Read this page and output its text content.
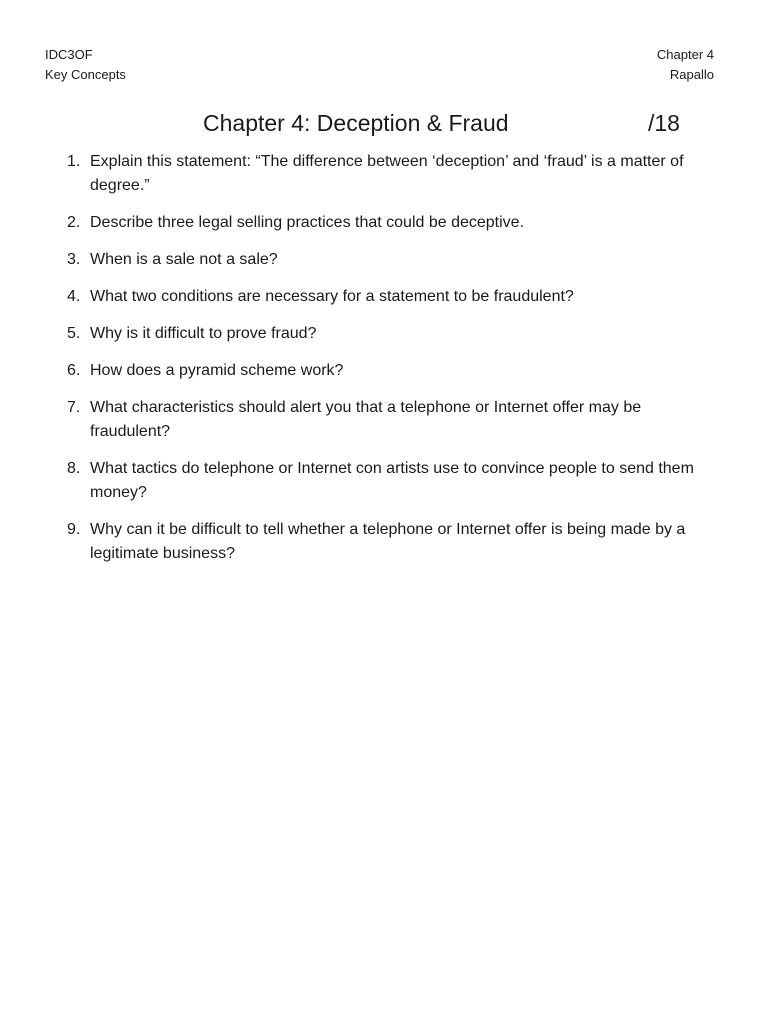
IDC3OF
Key Concepts
Chapter 4
Rapallo
Chapter 4: Deception & Fraud	/18
1. Explain this statement: “The difference between ‘deception’ and ‘fraud’ is a matter of degree.”
2. Describe three legal selling practices that could be deceptive.
3. When is a sale not a sale?
4. What two conditions are necessary for a statement to be fraudulent?
5. Why is it difficult to prove fraud?
6. How does a pyramid scheme work?
7. What characteristics should alert you that a telephone or Internet offer may be fraudulent?
8. What tactics do telephone or Internet con artists use to convince people to send them money?
9. Why can it be difficult to tell whether a telephone or Internet offer is being made by a legitimate business?
